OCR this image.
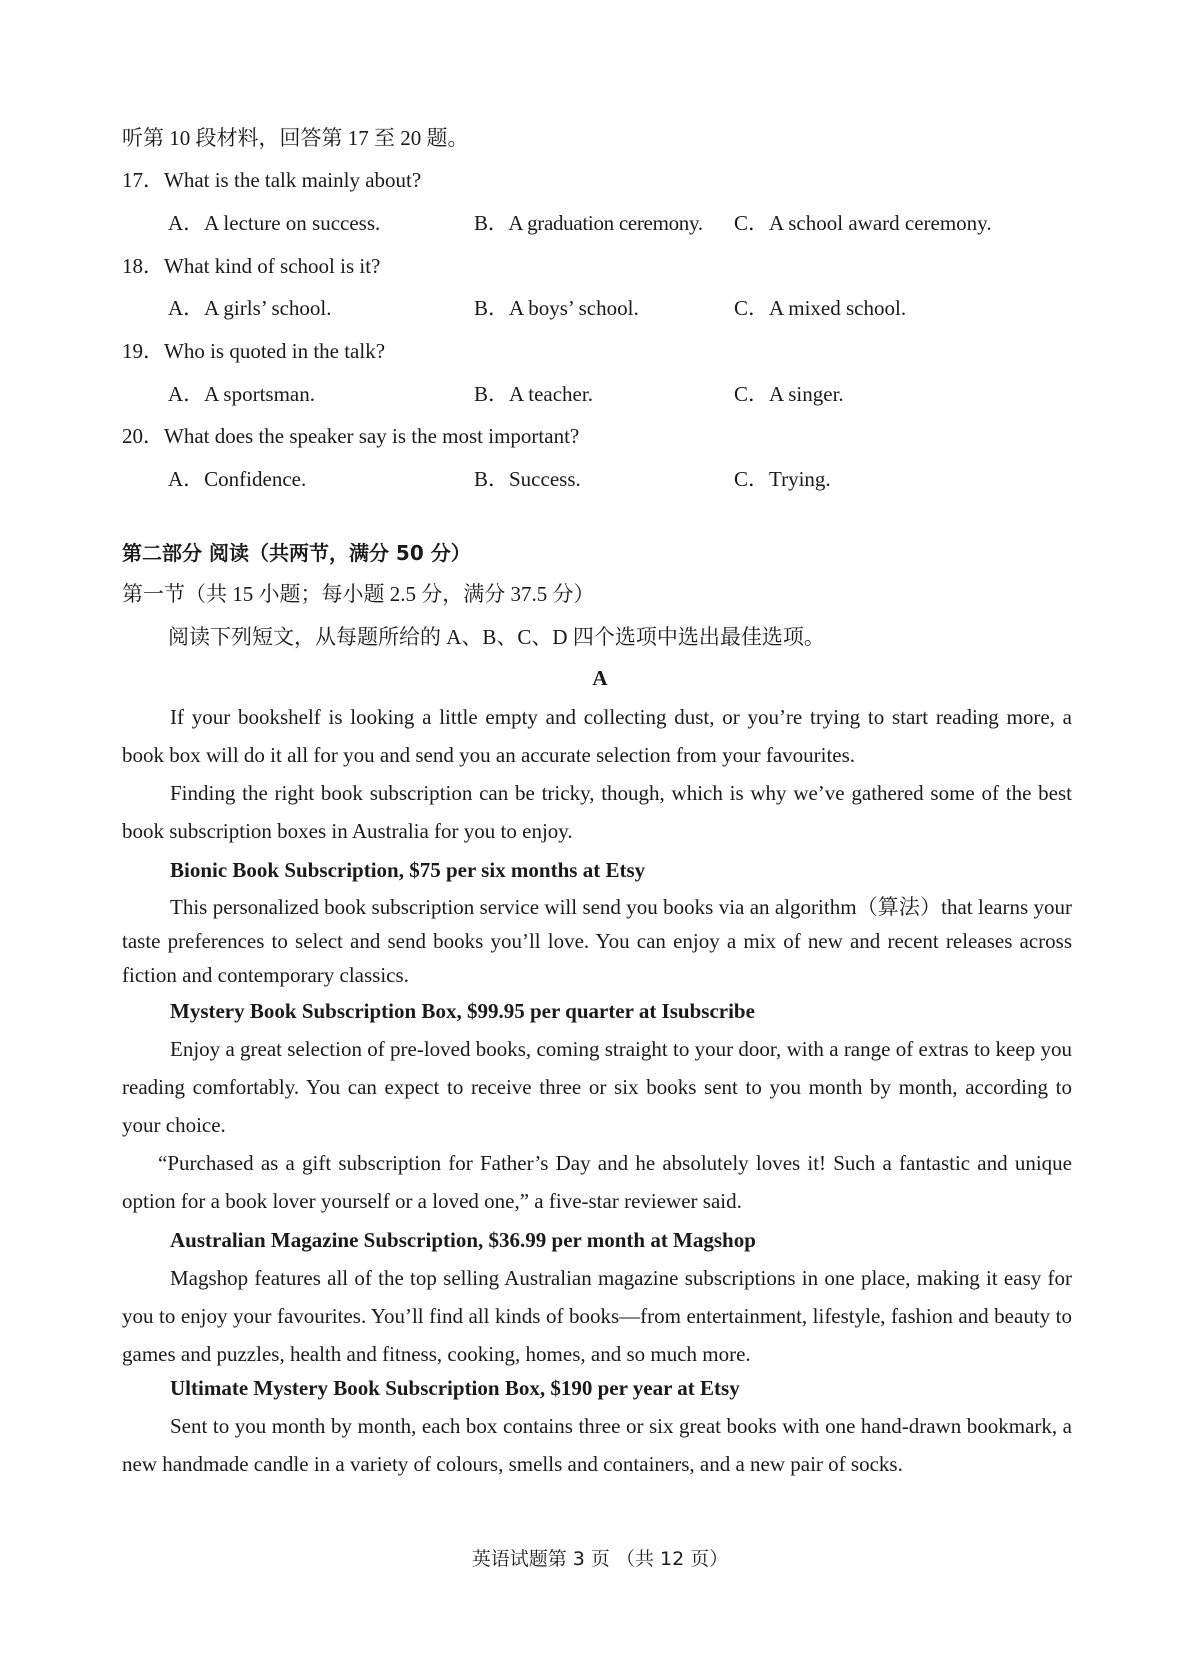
听第 10 段材料，回答第 17 至 20 题。
17．What is the talk mainly about?
A．A lecture on success.	B．A graduation ceremony. C．A school award ceremony.
18．What kind of school is it?
A．A girls’ school.	B．A boys’ school.	C．A mixed school.
19．Who is quoted in the talk?
A．A sportsman.	B．A teacher.	C．A singer.
20．What does the speaker say is the most important?
A．Confidence.	B．Success.	C．Trying.
第二部分 阅读（共两节，满分 50 分）
第一节（共 15 小题；每小题 2.5 分，满分 37.5 分）
阅读下列短文，从每题所给的 A、B、C、D 四个选项中选出最佳选项。
A
If your bookshelf is looking a little empty and collecting dust, or you’re trying to start reading more, a book box will do it all for you and send you an accurate selection from your favourites.
Finding the right book subscription can be tricky, though, which is why we’ve gathered some of the best book subscription boxes in Australia for you to enjoy.
Bionic Book Subscription, $75 per six months at Etsy
This personalized book subscription service will send you books via an algorithm（算法）that learns your taste preferences to select and send books you’ll love. You can enjoy a mix of new and recent releases across fiction and contemporary classics.
Mystery Book Subscription Box, $99.95 per quarter at Isubscribe
Enjoy a great selection of pre-loved books, coming straight to your door, with a range of extras to keep you reading comfortably. You can expect to receive three or six books sent to you month by month, according to your choice.
“Purchased as a gift subscription for Father’s Day and he absolutely loves it! Such a fantastic and unique option for a book lover yourself or a loved one,” a five-star reviewer said.
Australian Magazine Subscription, $36.99 per month at Magshop
Magshop features all of the top selling Australian magazine subscriptions in one place, making it easy for you to enjoy your favourites. You’ll find all kinds of books—from entertainment, lifestyle, fashion and beauty to games and puzzles, health and fitness, cooking, homes, and so much more.
Ultimate Mystery Book Subscription Box, $190 per year at Etsy
Sent to you month by month, each box contains three or six great books with one hand-drawn bookmark, a new handmade candle in a variety of colours, smells and containers, and a new pair of socks.
英语试题第 3 页 （共 12 页）
